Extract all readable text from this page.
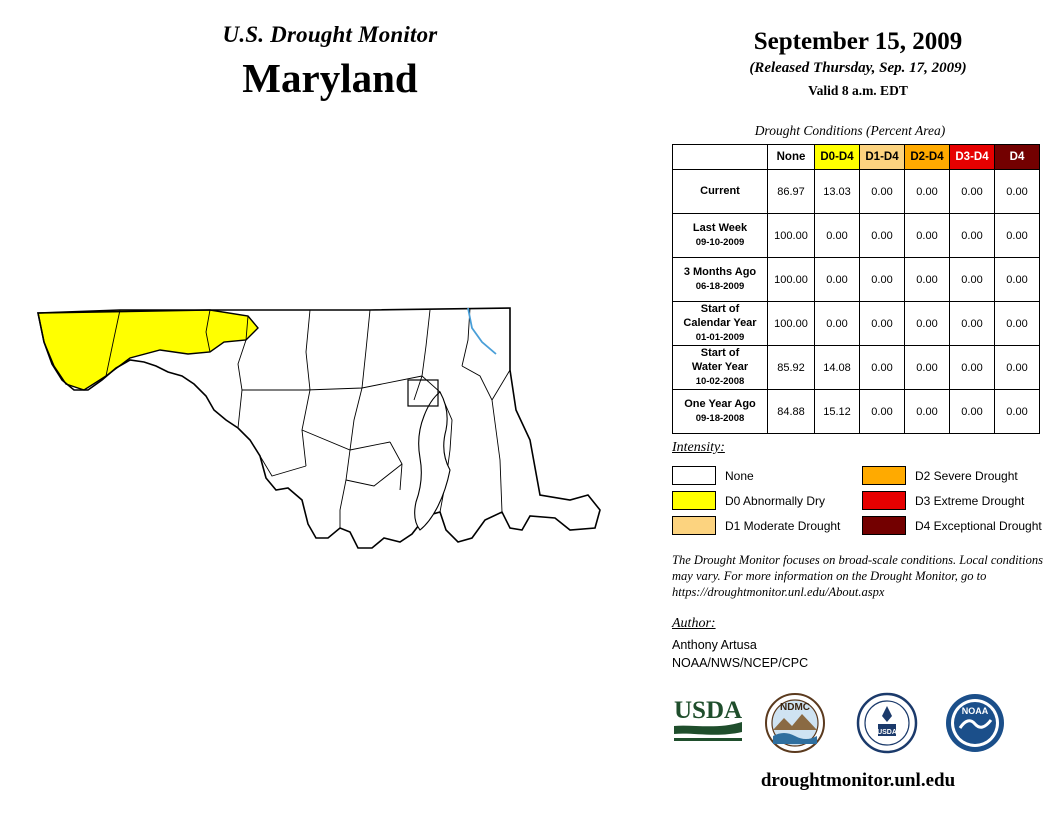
U.S. Drought Monitor
Maryland
September 15, 2009
(Released Thursday, Sep. 17, 2009)
Valid 8 a.m. EDT
Drought Conditions (Percent Area)
	None	D0-D4	D1-D4	D2-D4	D3-D4	D4
Current	86.97	13.03	0.00	0.00	0.00	0.00
Last Week
09-10-2009	100.00	0.00	0.00	0.00	0.00	0.00
3 Months Ago
06-18-2009	100.00	0.00	0.00	0.00	0.00	0.00
Start of
Calendar Year
01-01-2009	100.00	0.00	0.00	0.00	0.00	0.00
Start of
Water Year
10-02-2008	85.92	14.08	0.00	0.00	0.00	0.00
One Year Ago
09-18-2008	84.88	15.12	0.00	0.00	0.00	0.00
Intensity:
None
D0 Abnormally Dry
D1 Moderate Drought
D2 Severe Drought
D3 Extreme Drought
D4 Exceptional Drought
The Drought Monitor focuses on broad-scale conditions. Local conditions may vary. For more information on the Drought Monitor, go to https://droughtmonitor.unl.edu/About.aspx
Author:
Anthony Artusa
NOAA/NWS/NCEP/CPC
USDA	NDMC
USDA
NOAA
droughtmonitor.unl.edu
